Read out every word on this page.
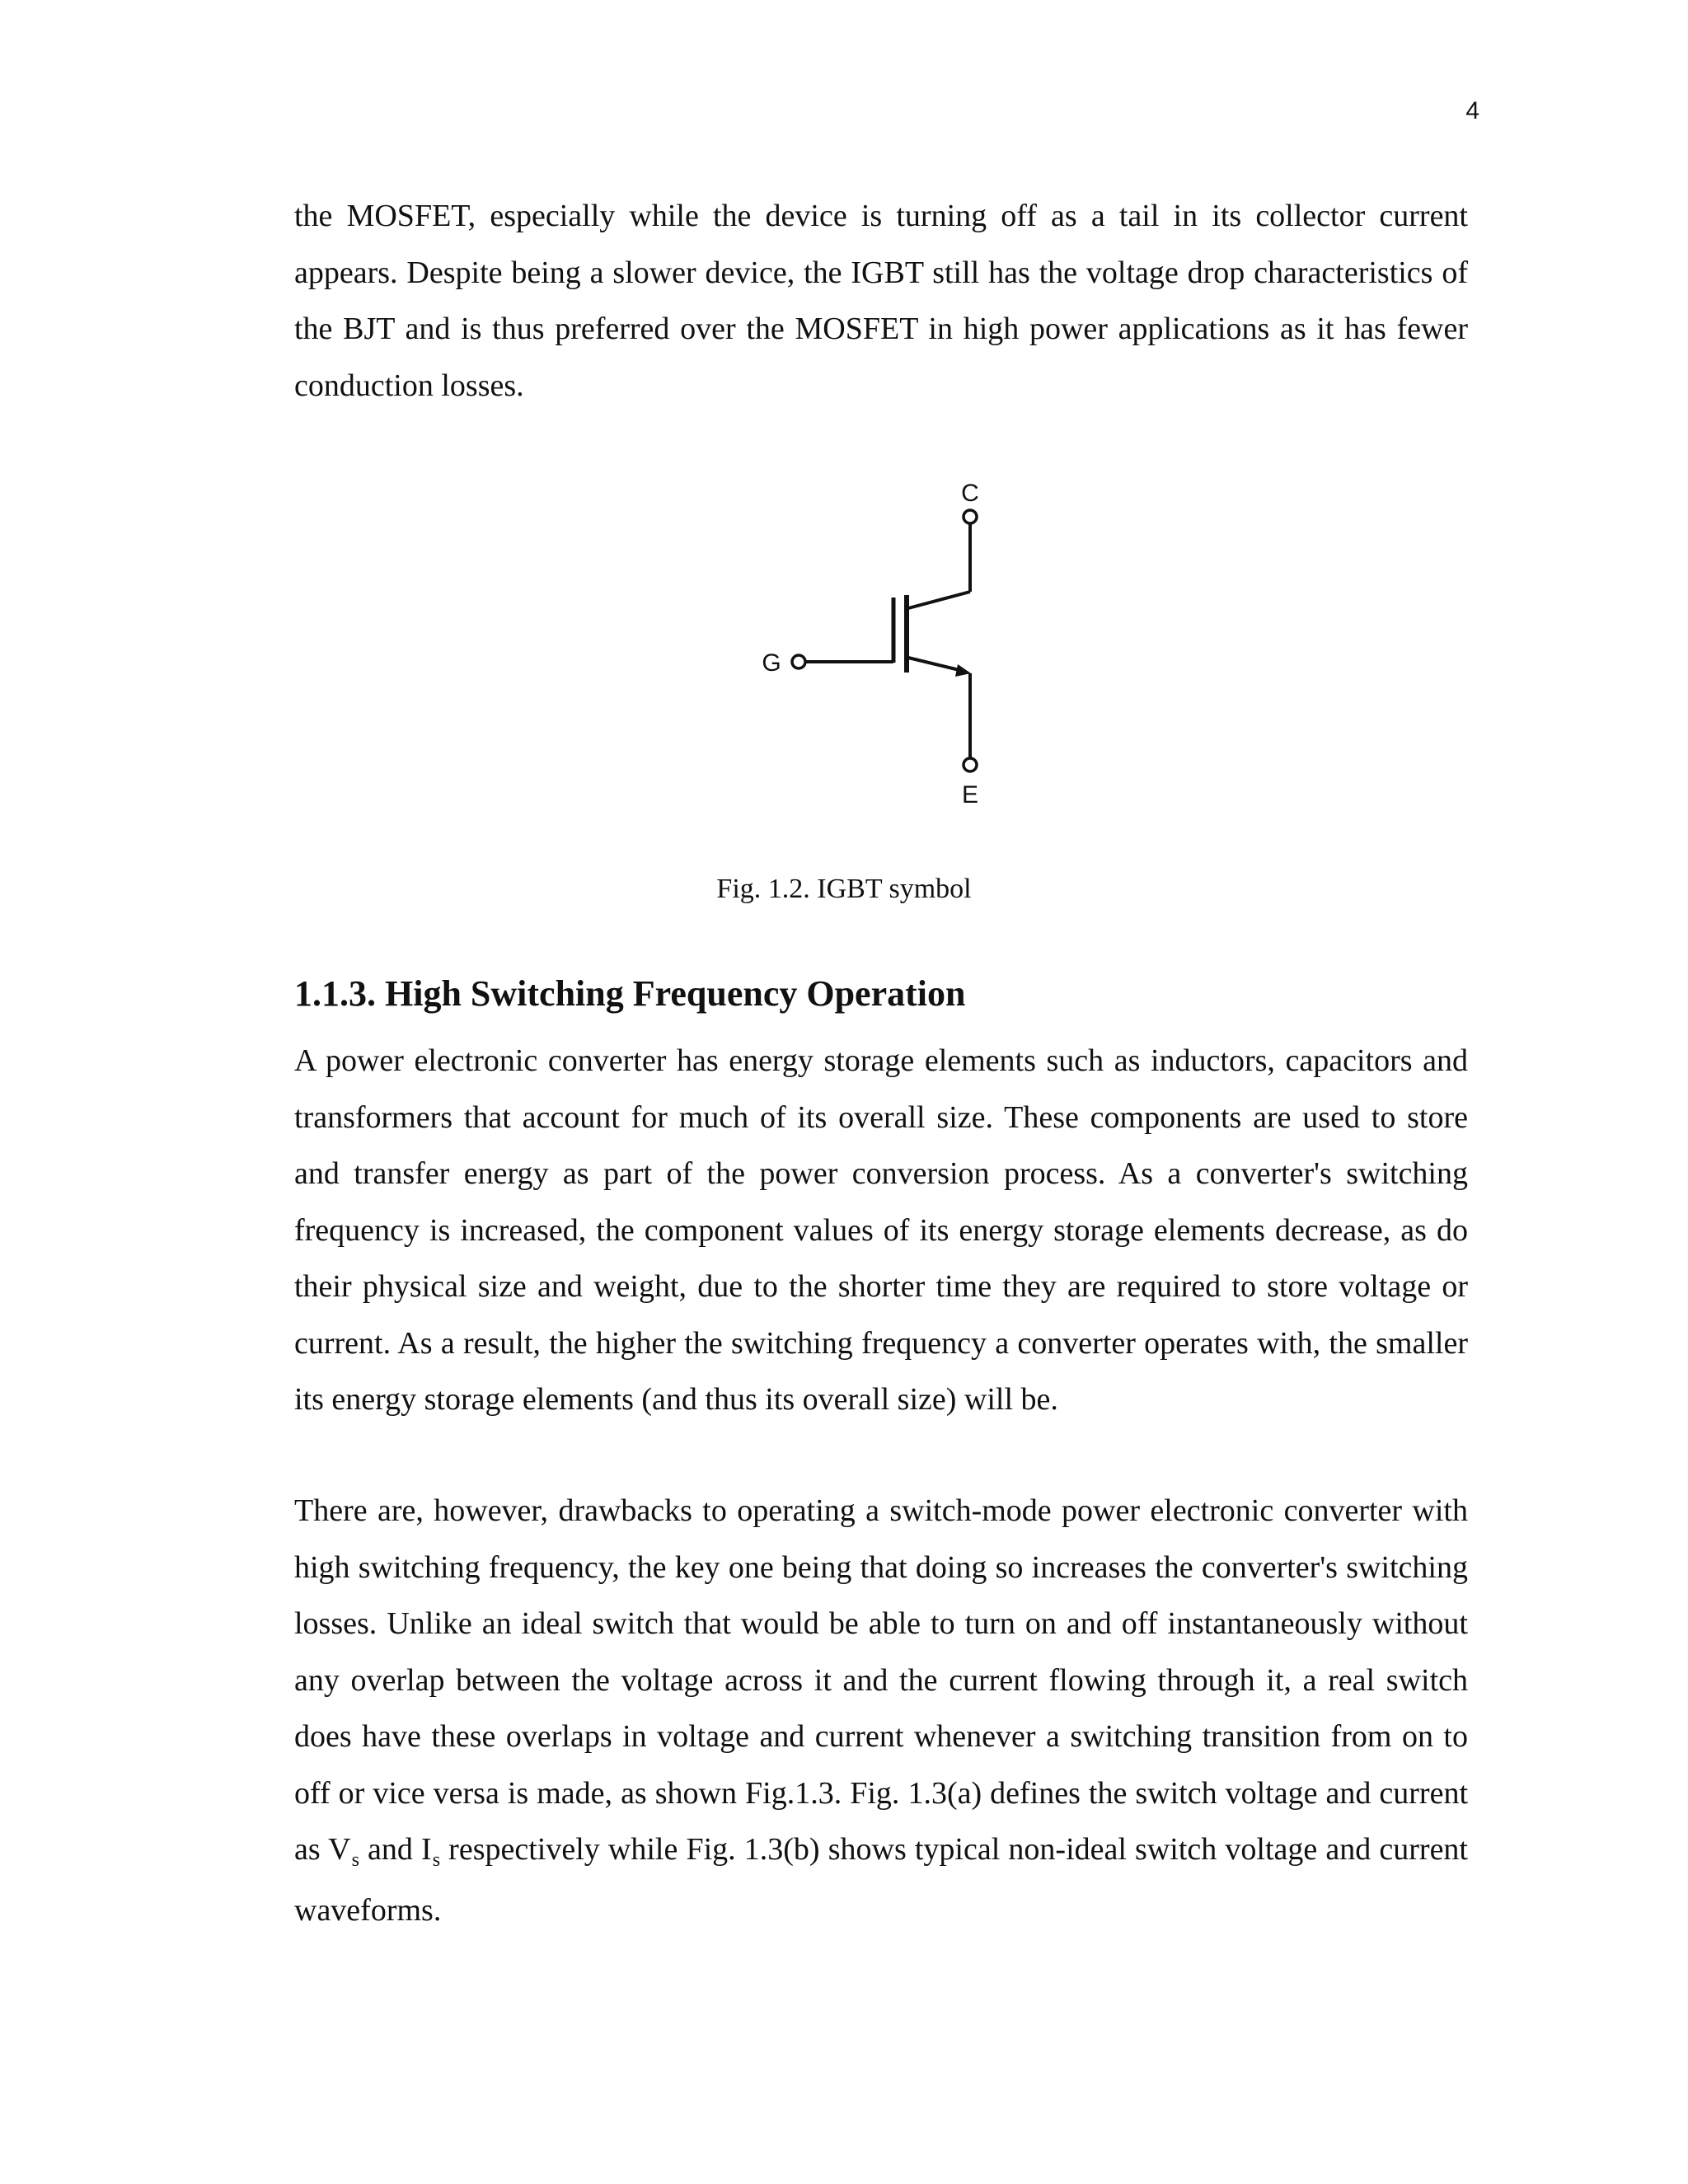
4

the MOSFET, especially while the device is turning off as a tail in its collector current appears. Despite being a slower device, the IGBT still has the voltage drop characteristics of the BJT and is thus preferred over the MOSFET in high power applications as it has fewer conduction losses.

C
G
E

Fig. 1.2. IGBT symbol

1.1.3. High Switching Frequency Operation

A power electronic converter has energy storage elements such as inductors, capacitors and transformers that account for much of its overall size. These components are used to store and transfer energy as part of the power conversion process. As a converter's switching frequency is increased, the component values of its energy storage elements decrease, as do their physical size and weight, due to the shorter time they are required to store voltage or current. As a result, the higher the switching frequency a converter operates with, the smaller its energy storage elements (and thus its overall size) will be.

There are, however, drawbacks to operating a switch-mode power electronic converter with high switching frequency, the key one being that doing so increases the converter's switching losses. Unlike an ideal switch that would be able to turn on and off instantaneously without any overlap between the voltage across it and the current flowing through it, a real switch does have these overlaps in voltage and current whenever a switching transition from on to off or vice versa is made, as shown Fig.1.3. Fig. 1.3(a) defines the switch voltage and current as $V_s$ and $I_s$ respectively while Fig. 1.3(b) shows typical non-ideal switch voltage and current waveforms.
